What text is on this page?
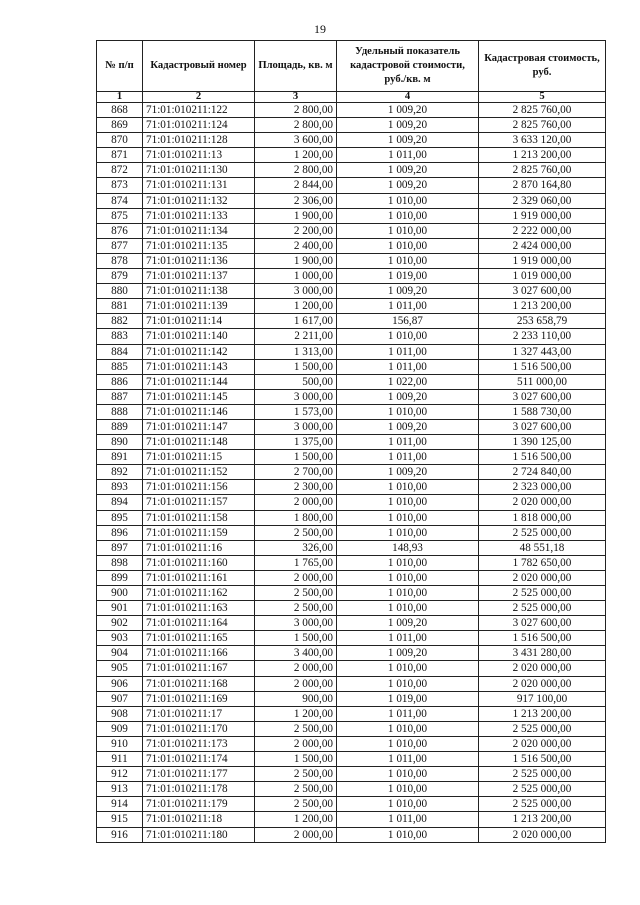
19
№ п/п	Кадастровый номер	Площадь, кв. м	Удельный показатель кадастровой стоимости, руб./кв. м	Кадастровая стоимость, руб.
1	2	3	4	5
868	71:01:010211:122	2 800,00	1 009,20	2 825 760,00
869	71:01:010211:124	2 800,00	1 009,20	2 825 760,00
870	71:01:010211:128	3 600,00	1 009,20	3 633 120,00
871	71:01:010211:13	1 200,00	1 011,00	1 213 200,00
872	71:01:010211:130	2 800,00	1 009,20	2 825 760,00
873	71:01:010211:131	2 844,00	1 009,20	2 870 164,80
874	71:01:010211:132	2 306,00	1 010,00	2 329 060,00
875	71:01:010211:133	1 900,00	1 010,00	1 919 000,00
876	71:01:010211:134	2 200,00	1 010,00	2 222 000,00
877	71:01:010211:135	2 400,00	1 010,00	2 424 000,00
878	71:01:010211:136	1 900,00	1 010,00	1 919 000,00
879	71:01:010211:137	1 000,00	1 019,00	1 019 000,00
880	71:01:010211:138	3 000,00	1 009,20	3 027 600,00
881	71:01:010211:139	1 200,00	1 011,00	1 213 200,00
882	71:01:010211:14	1 617,00	156,87	253 658,79
883	71:01:010211:140	2 211,00	1 010,00	2 233 110,00
884	71:01:010211:142	1 313,00	1 011,00	1 327 443,00
885	71:01:010211:143	1 500,00	1 011,00	1 516 500,00
886	71:01:010211:144	500,00	1 022,00	511 000,00
887	71:01:010211:145	3 000,00	1 009,20	3 027 600,00
888	71:01:010211:146	1 573,00	1 010,00	1 588 730,00
889	71:01:010211:147	3 000,00	1 009,20	3 027 600,00
890	71:01:010211:148	1 375,00	1 011,00	1 390 125,00
891	71:01:010211:15	1 500,00	1 011,00	1 516 500,00
892	71:01:010211:152	2 700,00	1 009,20	2 724 840,00
893	71:01:010211:156	2 300,00	1 010,00	2 323 000,00
894	71:01:010211:157	2 000,00	1 010,00	2 020 000,00
895	71:01:010211:158	1 800,00	1 010,00	1 818 000,00
896	71:01:010211:159	2 500,00	1 010,00	2 525 000,00
897	71:01:010211:16	326,00	148,93	48 551,18
898	71:01:010211:160	1 765,00	1 010,00	1 782 650,00
899	71:01:010211:161	2 000,00	1 010,00	2 020 000,00
900	71:01:010211:162	2 500,00	1 010,00	2 525 000,00
901	71:01:010211:163	2 500,00	1 010,00	2 525 000,00
902	71:01:010211:164	3 000,00	1 009,20	3 027 600,00
903	71:01:010211:165	1 500,00	1 011,00	1 516 500,00
904	71:01:010211:166	3 400,00	1 009,20	3 431 280,00
905	71:01:010211:167	2 000,00	1 010,00	2 020 000,00
906	71:01:010211:168	2 000,00	1 010,00	2 020 000,00
907	71:01:010211:169	900,00	1 019,00	917 100,00
908	71:01:010211:17	1 200,00	1 011,00	1 213 200,00
909	71:01:010211:170	2 500,00	1 010,00	2 525 000,00
910	71:01:010211:173	2 000,00	1 010,00	2 020 000,00
911	71:01:010211:174	1 500,00	1 011,00	1 516 500,00
912	71:01:010211:177	2 500,00	1 010,00	2 525 000,00
913	71:01:010211:178	2 500,00	1 010,00	2 525 000,00
914	71:01:010211:179	2 500,00	1 010,00	2 525 000,00
915	71:01:010211:18	1 200,00	1 011,00	1 213 200,00
916	71:01:010211:180	2 000,00	1 010,00	2 020 000,00
